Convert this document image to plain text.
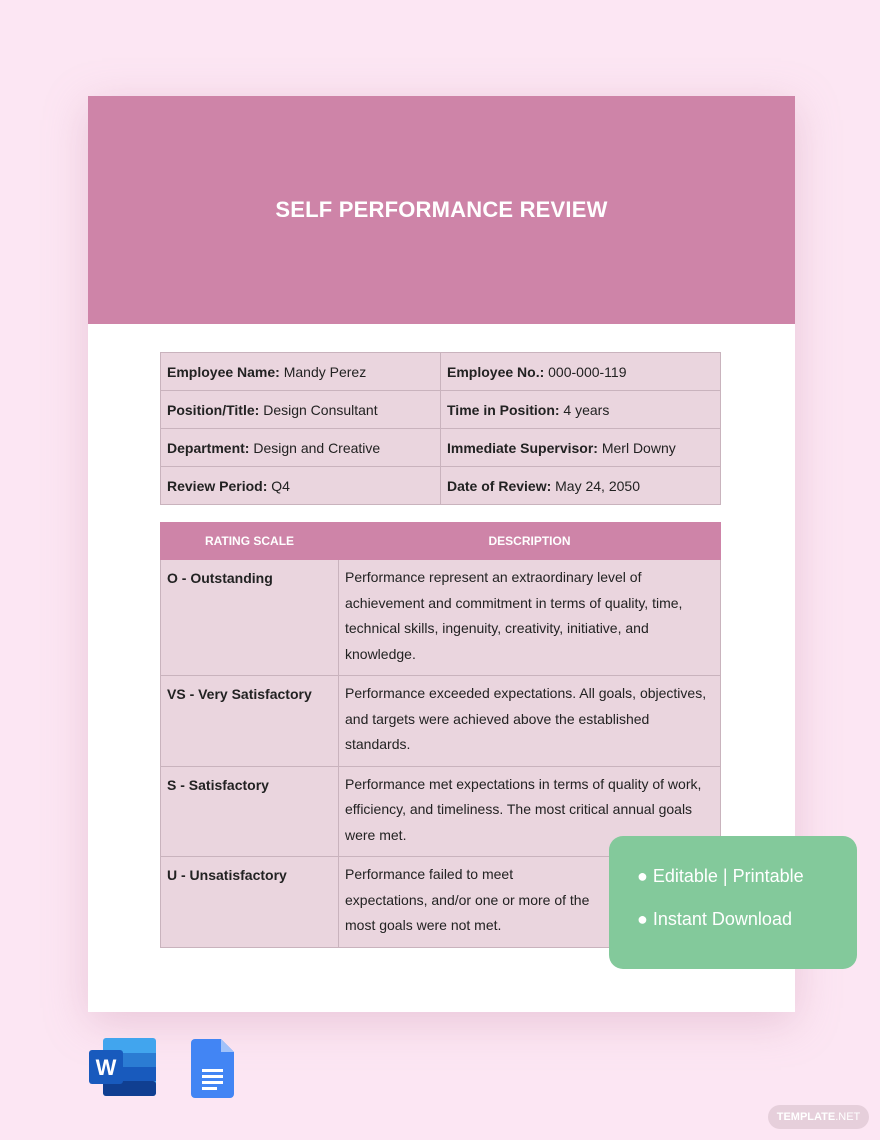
SELF PERFORMANCE REVIEW
Employee Name: Mandy Perez	Employee No.: 000-000-119
Position/Title: Design Consultant	Time in Position: 4 years
Department: Design and Creative	Immediate Supervisor: Merl Downy
Review Period: Q4	Date of Review: May 24, 2050
RATING SCALE	DESCRIPTION
O - Outstanding	Performance represent an extraordinary level of achievement and commitment in terms of quality, time, technical skills, ingenuity, creativity, initiative, and knowledge.
VS - Very Satisfactory	Performance exceeded expectations. All goals, objectives, and targets were achieved above the established standards.
S - Satisfactory	Performance met expectations in terms of quality of work, efficiency, and timeliness. The most critical annual goals were met.
U - Unsatisfactory	Performance failed to meet expectations, and/or one or more of the most goals were not met.
● Editable | Printable
● Instant Download
W
TEMPLATE .NET
